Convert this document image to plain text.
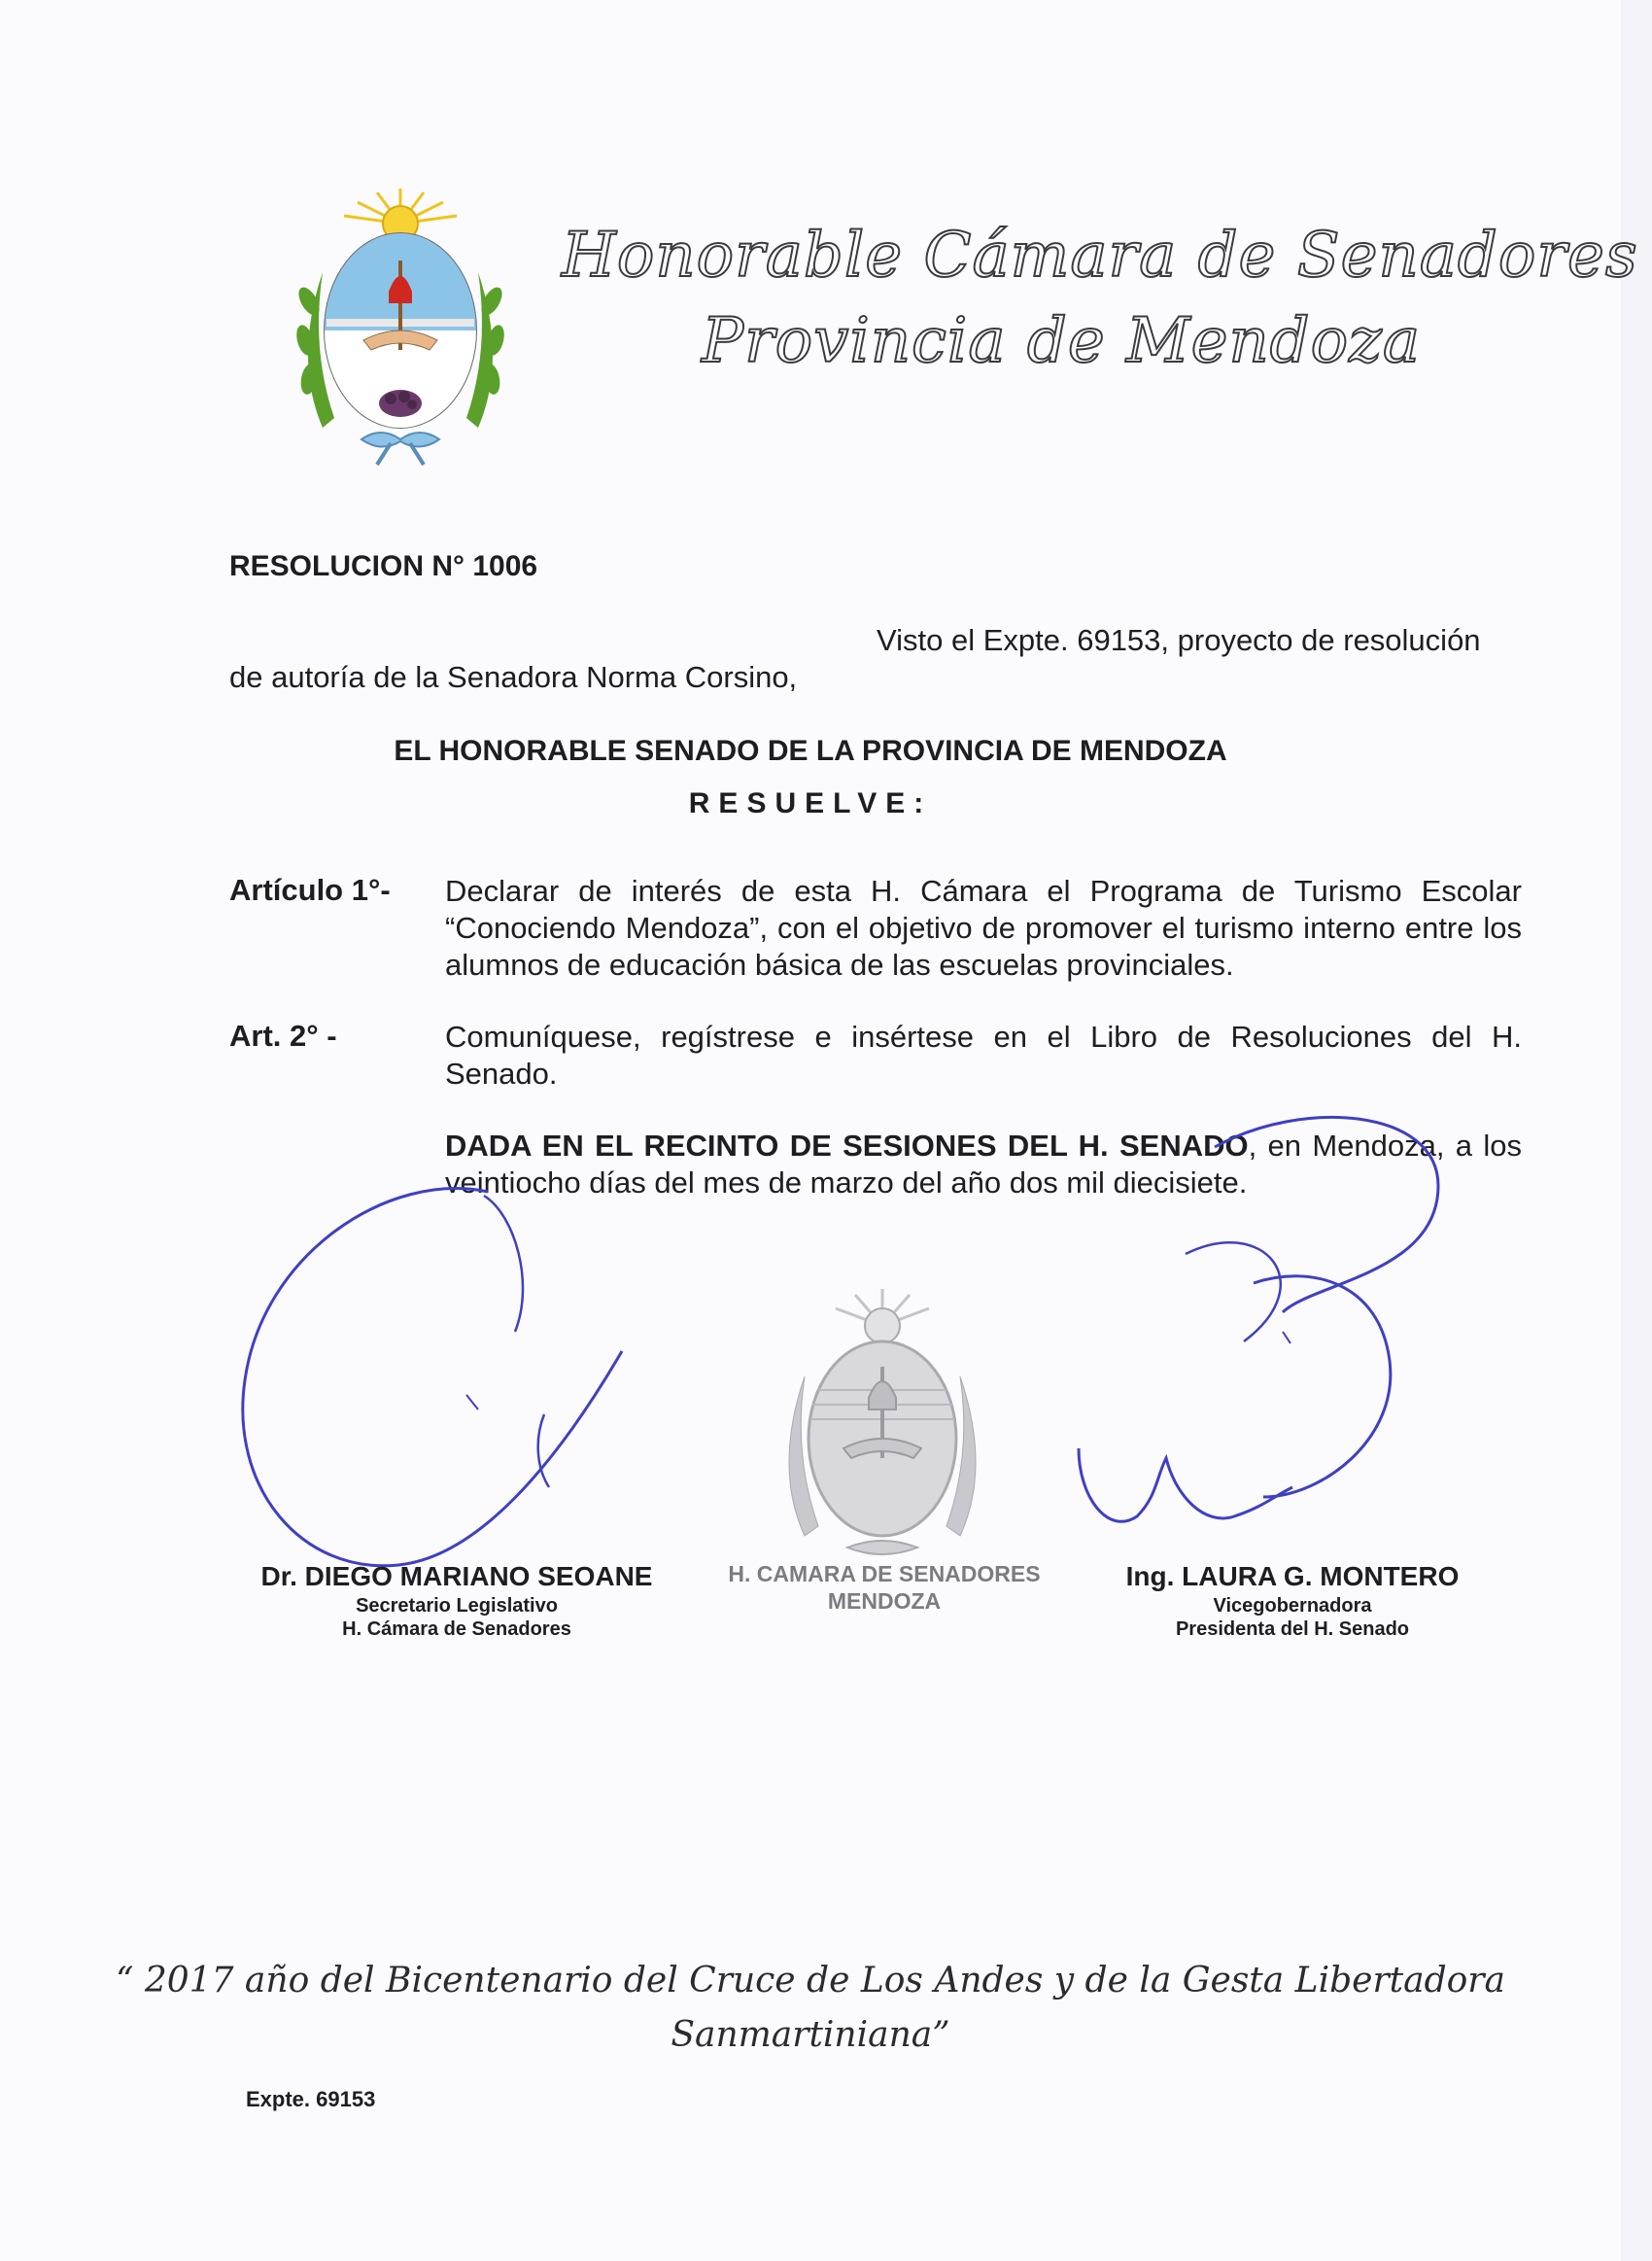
Honorable Cámara de Senadores
Provincia de Mendoza
RESOLUCION N° 1006
Visto el Expte. 69153, proyecto de resolución
de autoría de la Senadora Norma Corsino,
EL HONORABLE SENADO DE LA PROVINCIA DE MENDOZA
RESUELVE:
Artículo 1°- Declarar de interés de esta H. Cámara el Programa de Turismo Escolar “Conociendo Mendoza”, con el objetivo de promover el turismo interno entre los alumnos de educación básica de las escuelas provinciales.
Art. 2° -	Comuníquese, regístrese e insértese en el Libro de Resoluciones del H. Senado.
DADA EN EL RECINTO DE SESIONES DEL H. SENADO, en Mendoza, a los veintiocho días del mes de marzo del año dos mil diecisiete.
Dr. DIEGO MARIANO SEOANE
Secretario Legislativo
H. Cámara de Senadores
H. CAMARA DE SENADORES
MENDOZA
Ing. LAURA G. MONTERO
Vicegobernadora
Presidenta del H. Senado
“ 2017 año del Bicentenario del Cruce de Los Andes y de la Gesta Libertadora
Sanmartiniana”
Expte. 69153
